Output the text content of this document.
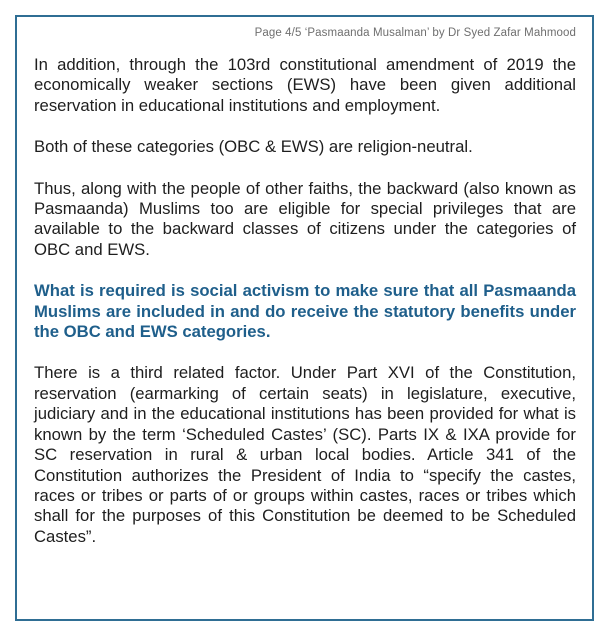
Page 4/5 ‘Pasmaanda Musalman’ by Dr Syed Zafar Mahmood

In addition, through the 103rd constitutional amendment of 2019 the economically weaker sections (EWS) have been given additional reservation in educational institutions and employment.

Both of these categories (OBC & EWS) are religion-neutral.

Thus, along with the people of other faiths, the backward (also known as Pasmaanda) Muslims too are eligible for special privileges that are available to the backward classes of citizens under the categories of OBC and EWS.

What is required is social activism to make sure that all Pasmaanda Muslims are included in and do receive the statutory benefits under the OBC and EWS categories.

There is a third related factor. Under Part XVI of the Constitution, reservation (earmarking of certain seats) in legislature, executive, judiciary and in the educational institutions has been provided for what is known by the term ‘Scheduled Castes’ (SC). Parts IX & IXA provide for SC reservation in rural & urban local bodies. Article 341 of the Constitution authorizes the President of India to “specify the castes, races or tribes or parts of or groups within castes, races or tribes which shall for the purposes of this Constitution be deemed to be Scheduled Castes”.
